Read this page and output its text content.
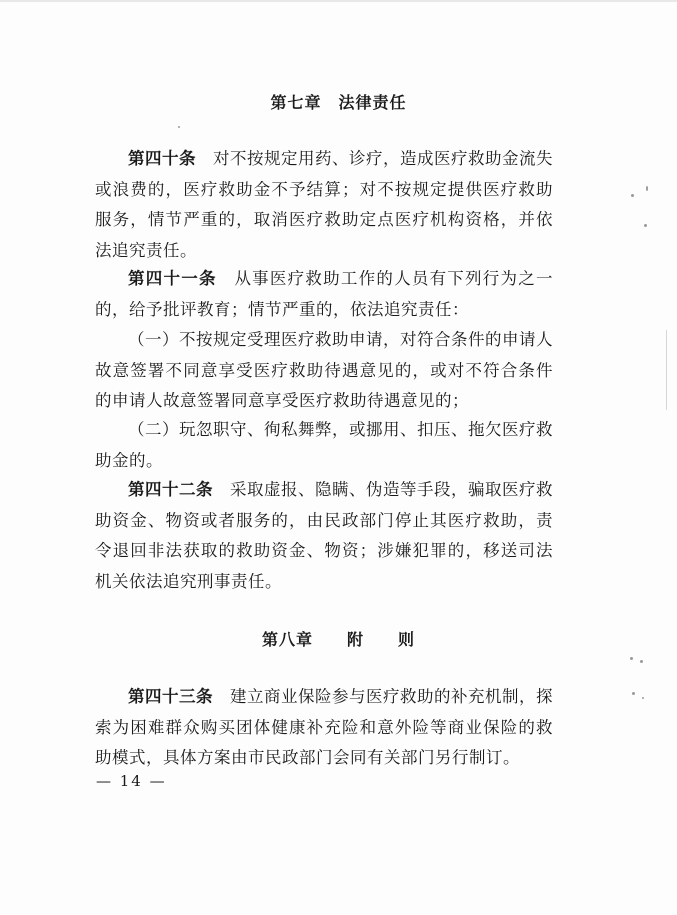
第七章　法律责任

第四十条　对不按规定用药、诊疗，造成医疗救助金流失或浪费的，医疗救助金不予结算；对不按规定提供医疗救助服务，情节严重的，取消医疗救助定点医疗机构资格，并依法追究责任。

第四十一条　从事医疗救助工作的人员有下列行为之一的，给予批评教育；情节严重的，依法追究责任：

（一）不按规定受理医疗救助申请，对符合条件的申请人故意签署不同意享受医疗救助待遇意见的，或对不符合条件的申请人故意签署同意享受医疗救助待遇意见的；

（二）玩忽职守、徇私舞弊，或挪用、扣压、拖欠医疗救助金的。

第四十二条　采取虚报、隐瞒、伪造等手段，骗取医疗救助资金、物资或者服务的，由民政部门停止其医疗救助，责令退回非法获取的救助资金、物资；涉嫌犯罪的，移送司法机关依法追究刑事责任。

第八章　　附　　则

第四十三条　建立商业保险参与医疗救助的补充机制，探索为困难群众购买团体健康补充险和意外险等商业保险的救助模式，具体方案由市民政部门会同有关部门另行制订。

— 14 —
